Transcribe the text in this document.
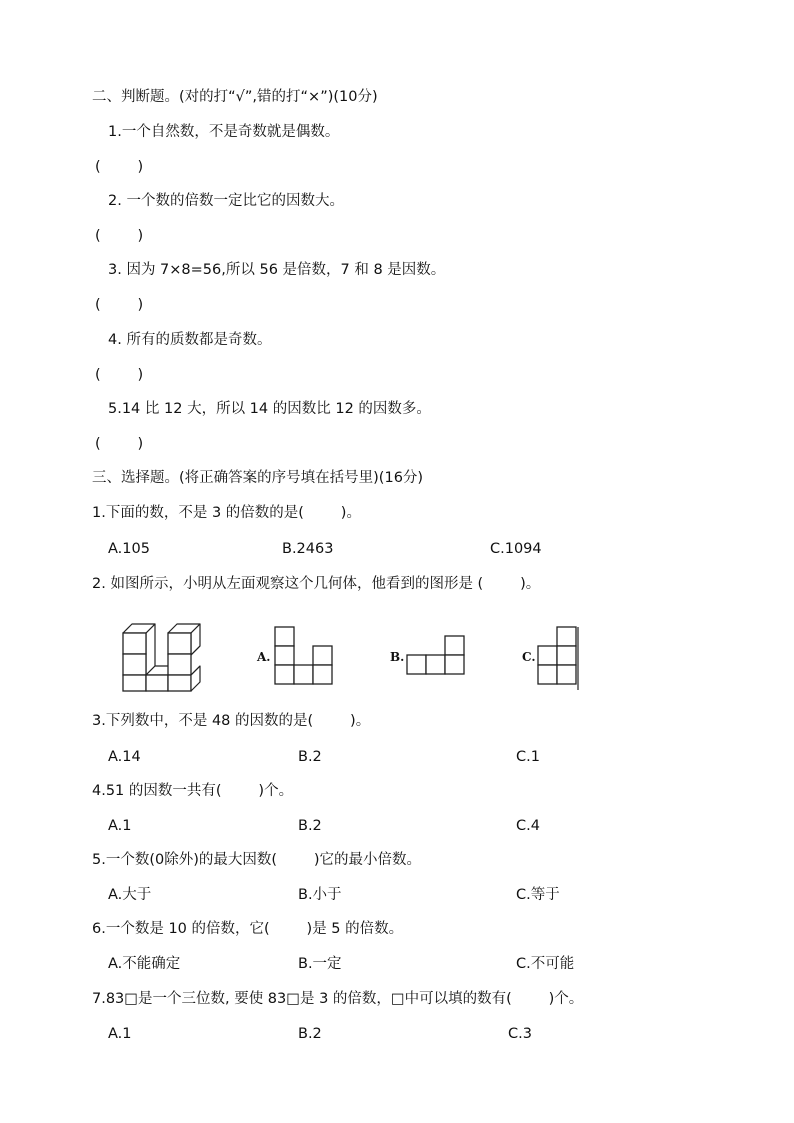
二、判断题。(对的打“√”,错的打“×”)(10分)
1.一个自然数，不是奇数就是偶数。
(        )
2. 一个数的倍数一定比它的因数大。
(        )
3. 因为 7×8=56,所以 56 是倍数，7 和 8 是因数。
(        )
4. 所有的质数都是奇数。
(        )
5.14 比 12 大，所以 14 的因数比 12 的因数多。
(        )
三、选择题。(将正确答案的序号填在括号里)(16分)
1.下面的数，不是 3 的倍数的是(        )。
A.105	B.2463	C.1094
2. 如图所示，小明从左面观察这个几何体，他看到的图形是 (        )。
A.	B.	C.
3.下列数中，不是 48 的因数的是(        )。
A.14	B.2	C.1
4.51 的因数一共有(        )个。
A.1	B.2	C.4
5.一个数(0除外)的最大因数(        )它的最小倍数。
A.大于	B.小于	C.等于
6.一个数是 10 的倍数，它(        )是 5 的倍数。
A.不能确定	B.一定	C.不可能
7.83□是一个三位数, 要使 83□是 3 的倍数，□中可以填的数有(        )个。
A.1	B.2	C.3
